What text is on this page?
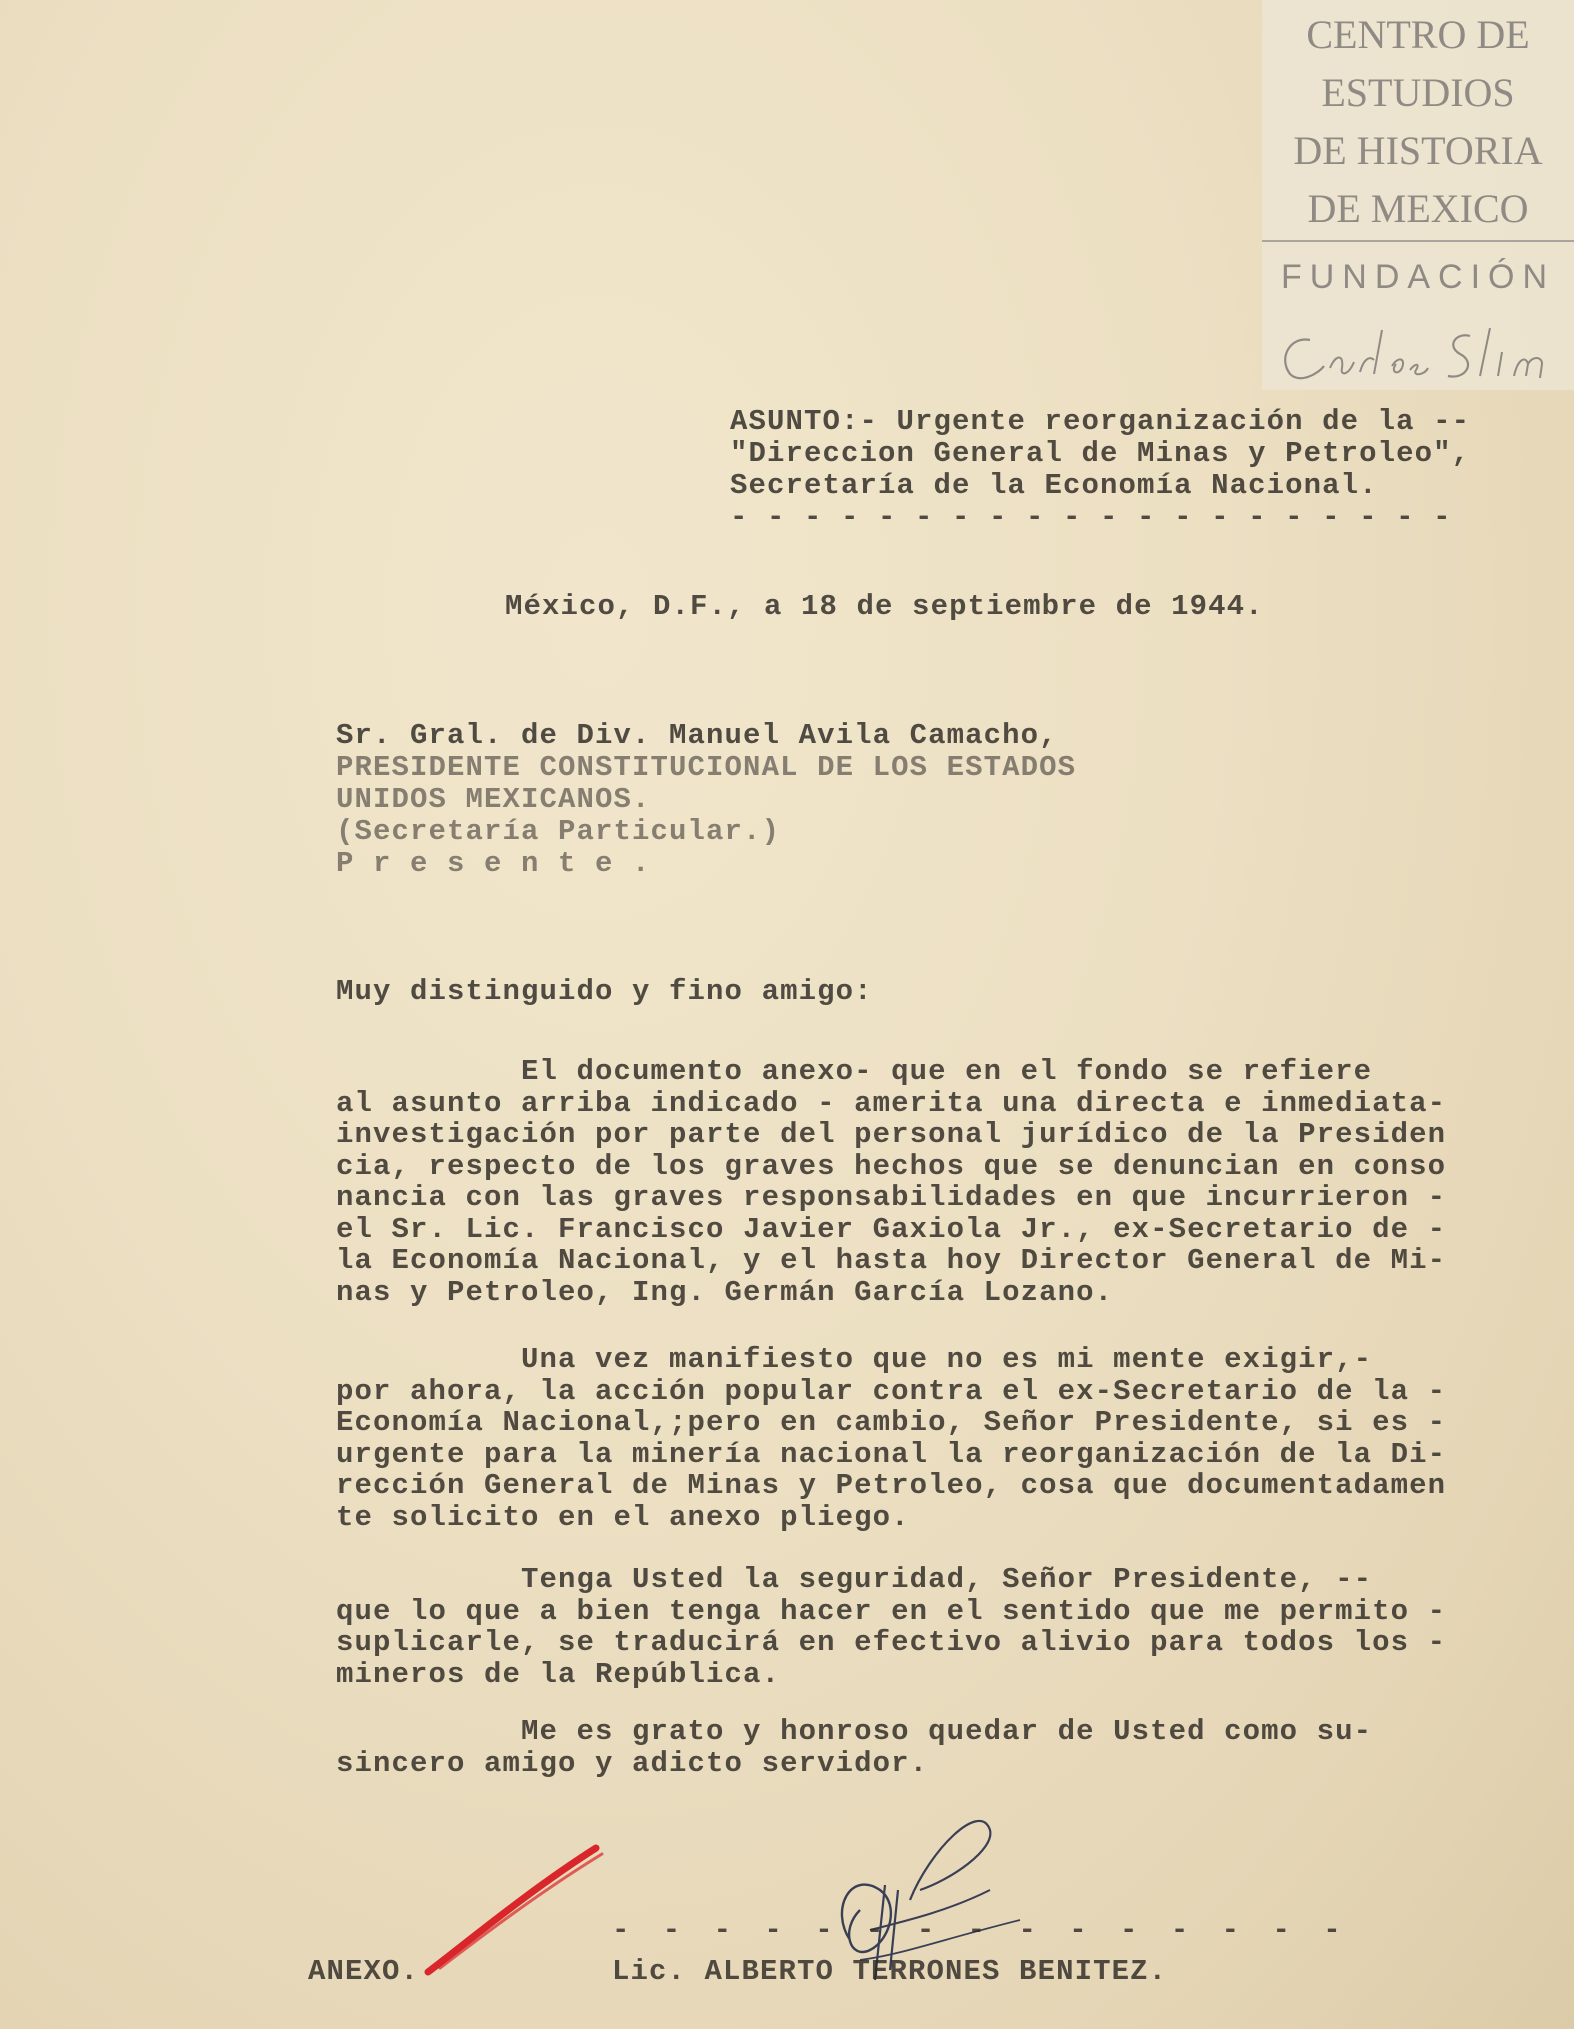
CENTRO DE
ESTUDIOS
DE HISTORIA
DE MEXICO
FUNDACIÓN
ASUNTO:- Urgente reorganización de la --
"Direccion General de Minas y Petroleo",
Secretaría de la Economía Nacional.
- - - - - - - - - - - - - - - - - - - -
México, D.F., a 18 de septiembre de 1944.
Sr. Gral. de Div. Manuel Avila Camacho,
PRESIDENTE CONSTITUCIONAL DE LOS ESTADOS
UNIDOS MEXICANOS.
(Secretaría Particular.)
P r e s e n t e .
Muy distinguido y fino amigo:
El documento anexo- que en el fondo se refiere
al asunto arriba indicado - amerita una directa e inmediata-
investigación por parte del personal jurídico de la Presiden
cia, respecto de los graves hechos que se denuncian en conso
nancia con las graves responsabilidades en que incurrieron -
el Sr. Lic. Francisco Javier Gaxiola Jr., ex-Secretario de -
la Economía Nacional, y el hasta hoy Director General de Mi-
nas y Petroleo, Ing. Germán García Lozano.
Una vez manifiesto que no es mi mente exigir,-
por ahora, la acción popular contra el ex-Secretario de la -
Economía Nacional,;pero en cambio, Señor Presidente, si es -
urgente para la minería nacional la reorganización de la Di-
rección General de Minas y Petroleo, cosa que documentadamen
te solicito en el anexo pliego.
Tenga Usted la seguridad, Señor Presidente, --
que lo que a bien tenga hacer en el sentido que me permito -
suplicarle, se traducirá en efectivo alivio para todos los -
mineros de la República.
Me es grato y honroso quedar de Usted como su-
sincero amigo y adicto servidor.
- - - - - - - - - - - - - - -
ANEXO.	Lic. ALBERTO TERRONES BENITEZ.
